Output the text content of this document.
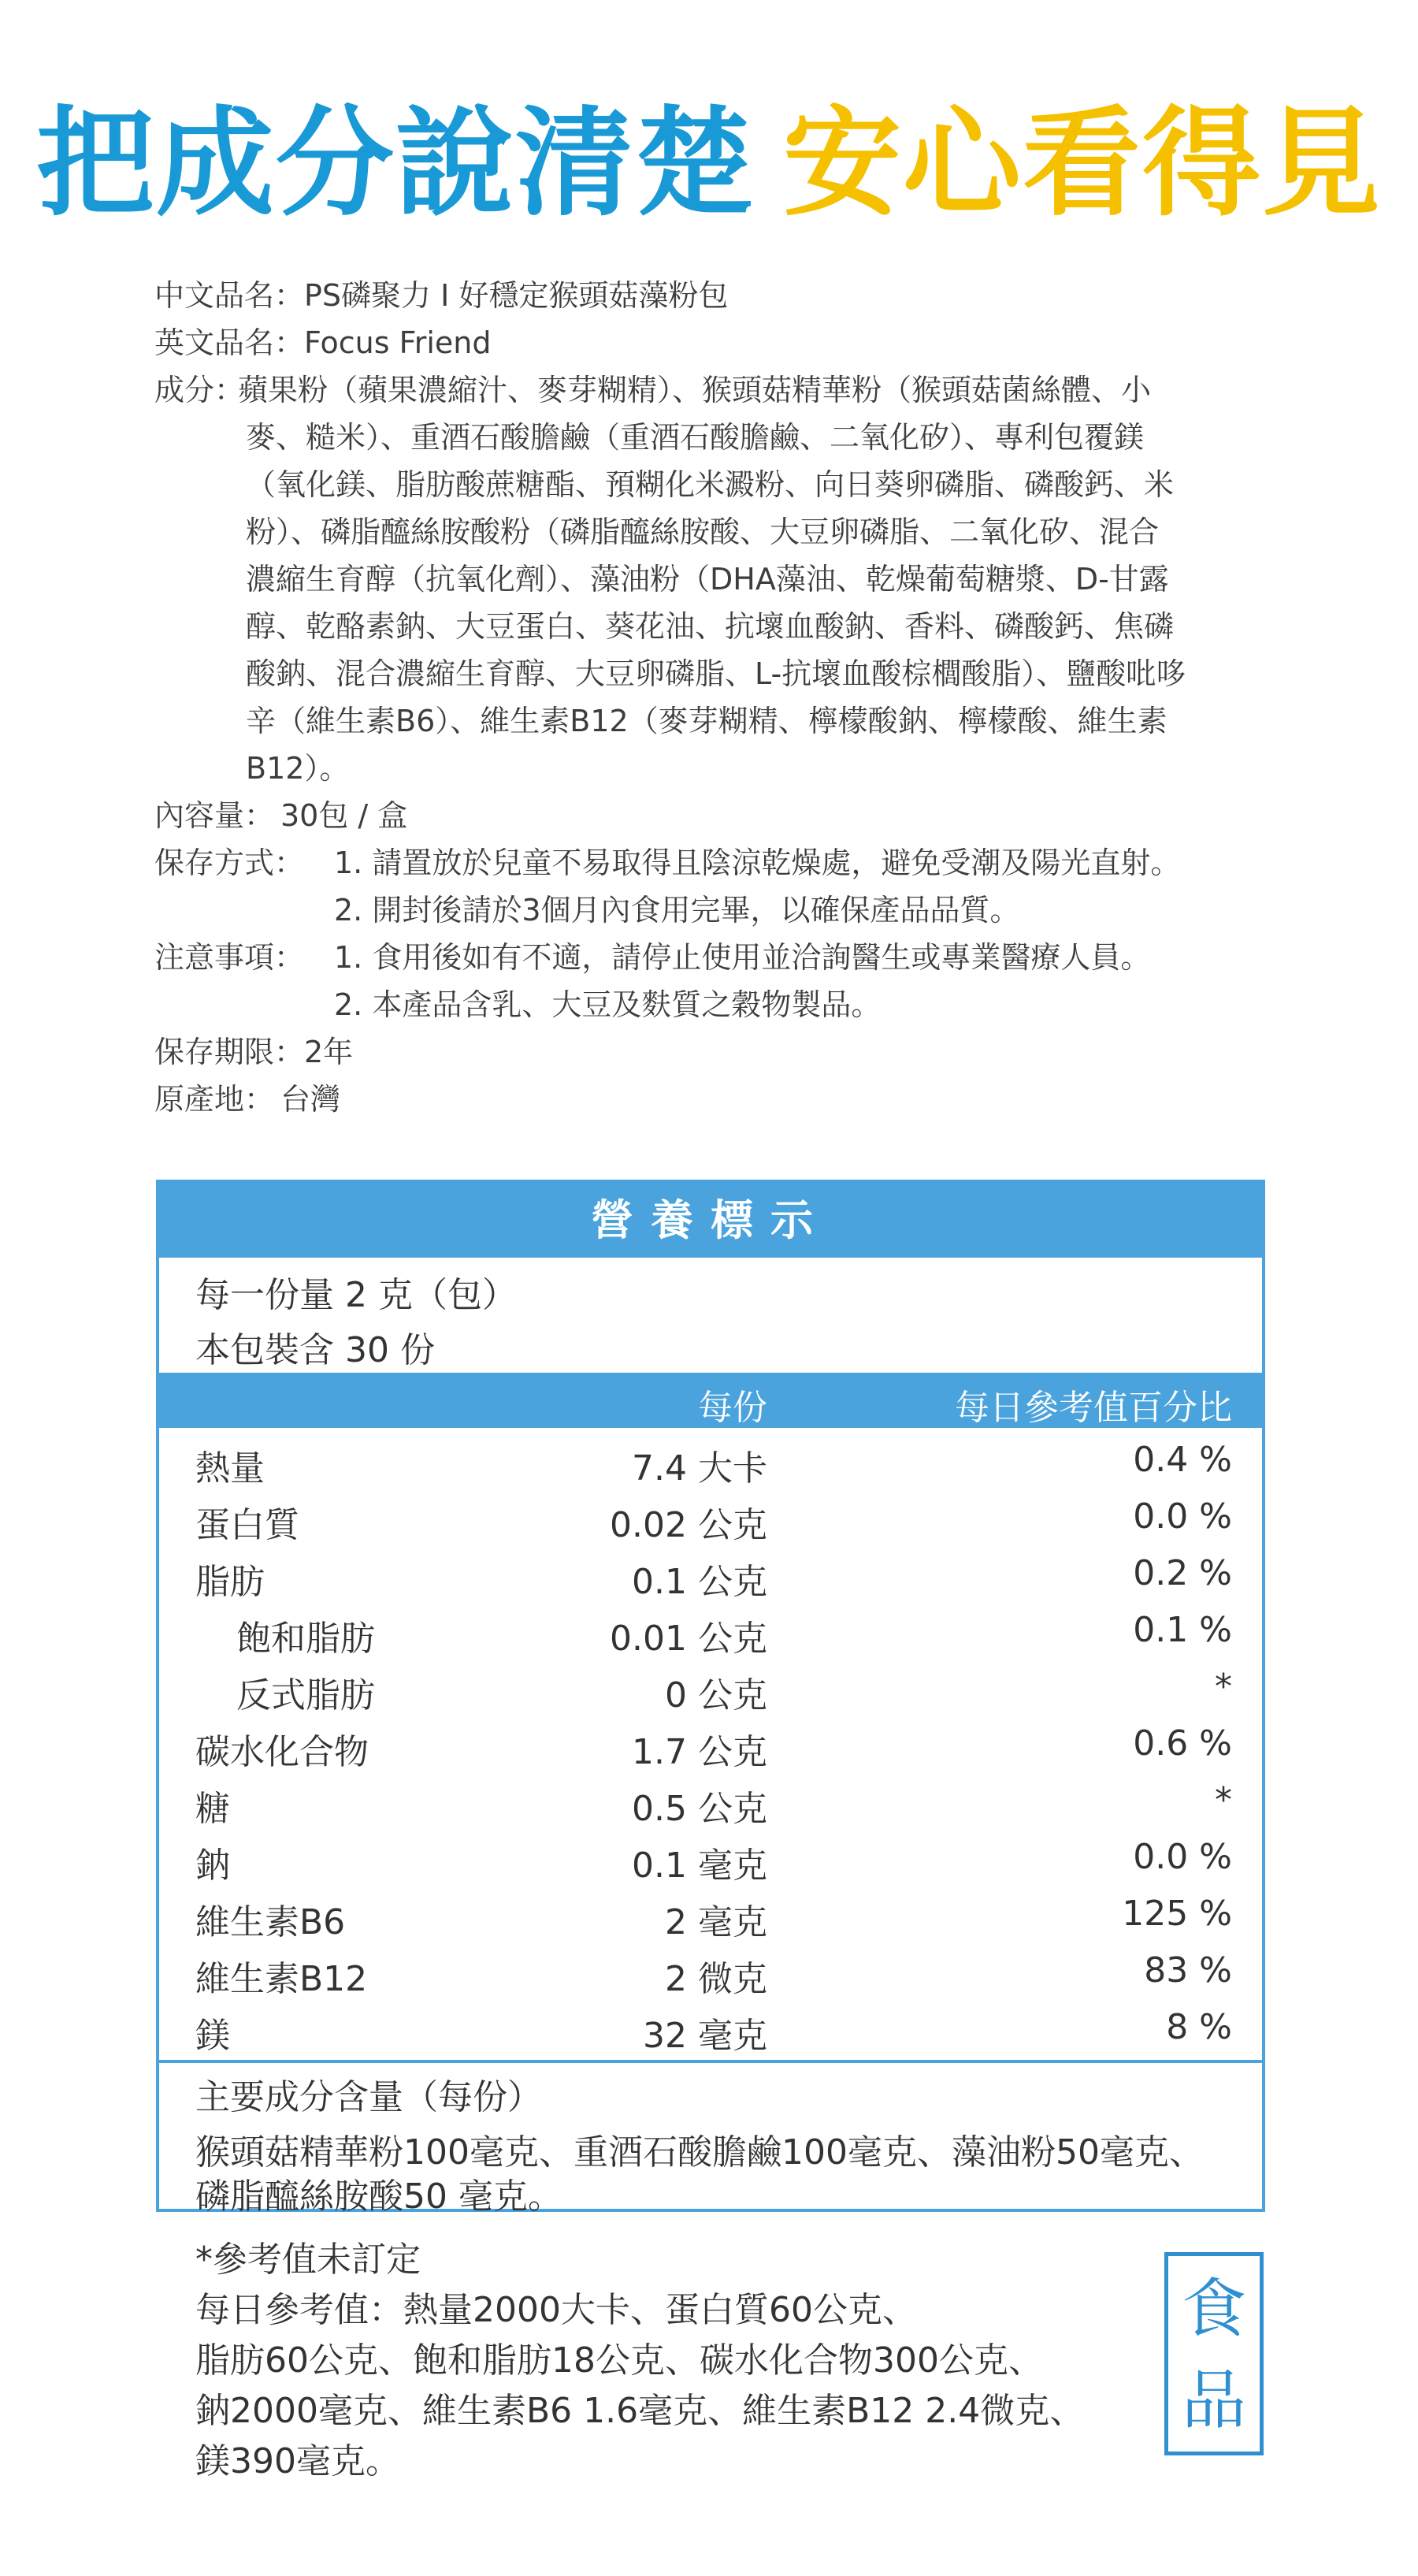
把成分說清楚 安心看得見
中文品名： PS磷聚力 I 好穩定猴頭菇藻粉包
英文品名： Focus Friend
成分：
蘋果粉（蘋果濃縮汁、麥芽糊精）、猴頭菇精華粉（猴頭菇菌絲體、小
麥、糙米）、重酒石酸膽鹼（重酒石酸膽鹼、二氧化矽）、專利包覆鎂
（氧化鎂、脂肪酸蔗糖酯、預糊化米澱粉、向日葵卵磷脂、磷酸鈣、米
粉）、磷脂醯絲胺酸粉（磷脂醯絲胺酸、大豆卵磷脂、二氧化矽、混合
濃縮生育醇（抗氧化劑）、藻油粉（DHA藻油、乾燥葡萄糖漿、D-甘露
醇、乾酪素鈉、大豆蛋白、葵花油、抗壞血酸鈉、香料、磷酸鈣、焦磷
酸鈉、混合濃縮生育醇、大豆卵磷脂、L-抗壞血酸棕櫚酸脂）、鹽酸吡哆
辛（維生素B6）、維生素B12（麥芽糊精、檸檬酸鈉、檸檬酸、維生素
B12）。
內容量： 30包 / 盒
保存方式： 1. 請置放於兒童不易取得且陰涼乾燥處，避免受潮及陽光直射。
2. 開封後請於3個月內食用完畢，以確保產品品質。
注意事項： 1. 食用後如有不適，請停止使用並洽詢醫生或專業醫療人員。
2. 本產品含乳、大豆及麩質之穀物製品。
保存期限： 2年
原產地： 台灣
營養標示
每一份量 2 克（包）
本包裝含 30 份
每份	每日參考值百分比
熱量	7.4 大卡	0.4 %
蛋白質	0.02 公克	0.0 %
脂肪	0.1 公克	0.2 %
飽和脂肪	0.01 公克	0.1 %
反式脂肪	0 公克	*
碳水化合物	1.7 公克	0.6 %
糖	0.5 公克	*
鈉	0.1 毫克	0.0 %
維生素B6	2 毫克	125 %
維生素B12	2 微克	83 %
鎂	32 毫克	8 %
主要成分含量（每份）
猴頭菇精華粉100毫克、重酒石酸膽鹼100毫克、藻油粉50毫克、
磷脂醯絲胺酸50 毫克。
*參考值未訂定
每日參考值：熱量2000大卡、蛋白質60公克、
脂肪60公克、飽和脂肪18公克、碳水化合物300公克、
鈉2000毫克、維生素B6 1.6毫克、維生素B12 2.4微克、
鎂390毫克。
食
品
